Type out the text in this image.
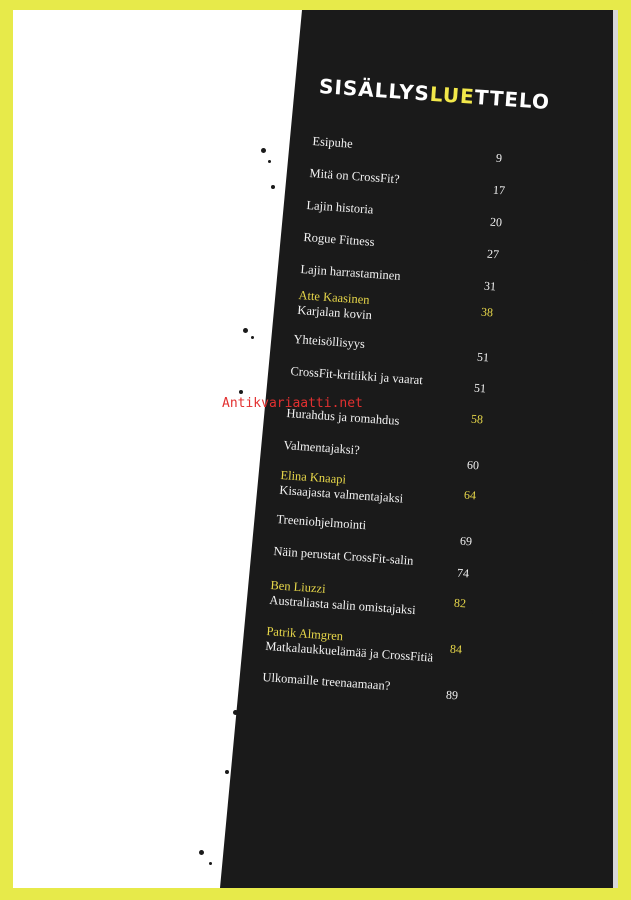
SISÄLLYSLUETTELO
Esipuhe
9
Mitä on CrossFit?
17
Lajin historia
20
Rogue Fitness
27
Lajin harrastaminen
31
Atte Kaasinen
Karjalan kovin	38
Yhteisöllisyys
51
CrossFit-kritiikki ja vaarat
51
Hurahdus ja romahdus	58
Valmentajaksi?
60
Elina Knaapi
Kisaajasta valmentajaksi	64
Treeniohjelmointi
69
Näin perustat CrossFit-salin
74
Ben Liuzzi
Australiasta salin omistajaksi	82
Patrik Almgren
Matkalaukkuelämää ja CrossFitiä 84
Ulkomaille treenaamaan?
89
Antikvariaatti.net
